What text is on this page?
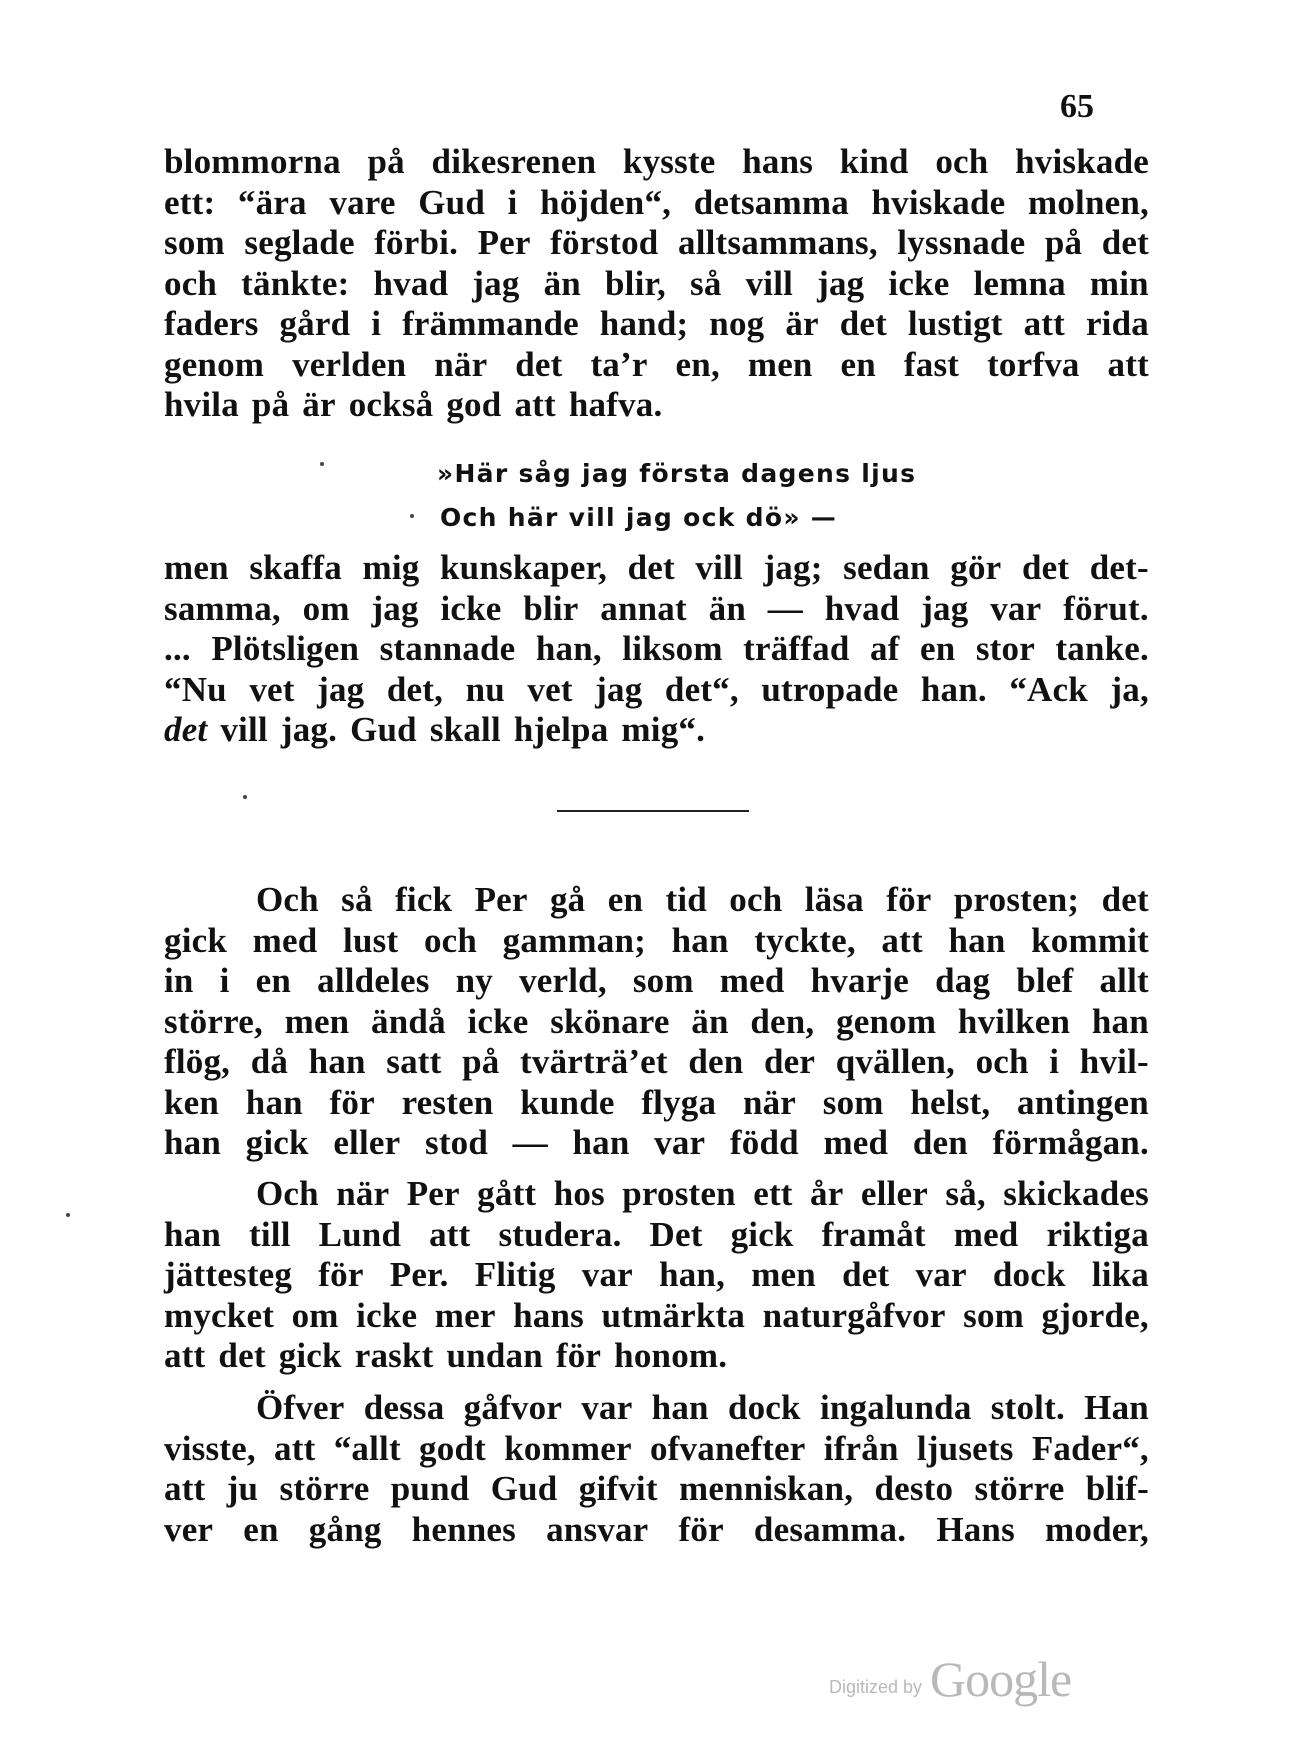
65
blommorna på dikesrenen kysste hans kind och hviskade
ett: “ära vare Gud i höjden“, detsamma hviskade molnen,
som seglade förbi. Per förstod alltsammans, lyssnade på det
och tänkte: hvad jag än blir, så vill jag icke lemna min
faders gård i främmande hand; nog är det lustigt att rida
genom verlden när det ta’r en, men en fast torfva att
hvila på är också god att hafva.
»Här såg jag första dagens ljus
Och här vill jag ock dö» —
men skaffa mig kunskaper, det vill jag; sedan gör det det-
samma, om jag icke blir annat än — hvad jag var förut.
... Plötsligen stannade han, liksom träffad af en stor tanke.
“Nu vet jag det, nu vet jag det“, utropade han. “Ack ja,
det vill jag. Gud skall hjelpa mig“.
Och så fick Per gå en tid och läsa för prosten; det
gick med lust och gamman; han tyckte, att han kommit
in i en alldeles ny verld, som med hvarje dag blef allt
större, men ändå icke skönare än den, genom hvilken han
flög, då han satt på tvärträ’et den der qvällen, och i hvil-
ken han för resten kunde flyga när som helst, antingen
han gick eller stod — han var född med den förmågan.
Och när Per gått hos prosten ett år eller så, skickades
han till Lund att studera. Det gick framåt med riktiga
jättesteg för Per. Flitig var han, men det var dock lika
mycket om icke mer hans utmärkta naturgåfvor som gjorde,
att det gick raskt undan för honom.
Öfver dessa gåfvor var han dock ingalunda stolt. Han
visste, att “allt godt kommer ofvanefter ifrån ljusets Fader“,
att ju större pund Gud gifvit menniskan, desto större blif-
ver en gång hennes ansvar för desamma. Hans moder,
Digitized by Google
